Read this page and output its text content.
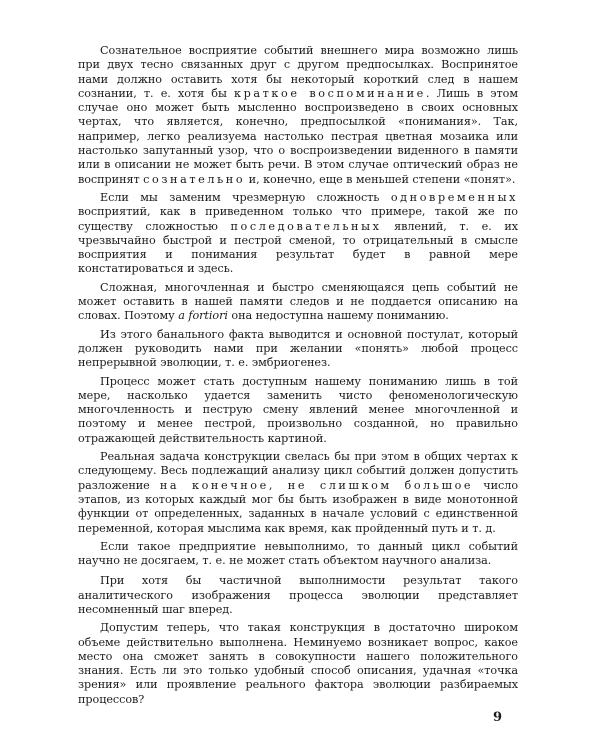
Сознательное восприятие событий внешнего мира возможно лишь при двух тесно связанных друг с другом предпосылках. Воспринятое нами должно оставить хотя бы некоторый короткий след в нашем сознании, т. е. хотя бы краткое воспоминание. Лишь в этом случае оно может быть мысленно воспроизведено в своих основных чертах, что является, конечно, предпосылкой «понимания». Так, например, легко реализуема настолько пестрая цветная мозаика или настолько запутанный узор, что о воспроизведении виденного в памяти или в описании не может быть речи. В этом случае оптический образ не воспринят сознательно и, конечно, еще в меньшей степени «понят».

Если мы заменим чрезмерную сложность одновременных восприятий, как в приведенном только что примере, такой же по существу сложностью последовательных явлений, т. е. их чрезвычайно быстрой и пестрой сменой, то отрицательный в смысле восприятия и понимания результат будет в равной мере констатироваться и здесь.

Сложная, многочленная и быстро сменяющаяся цепь событий не может оставить в нашей памяти следов и не поддается описанию на словах. Поэтому a fortiori она недоступна нашему пониманию.

Из этого банального факта выводится и основной постулат, который должен руководить нами при желании «понять» любой процесс непрерывной эволюции, т. е. эмбриогенез.

Процесс может стать доступным нашему пониманию лишь в той мере, насколько удается заменить чисто феноменологическую многочленность и пеструю смену явлений менее многочленной и поэтому и менее пестрой, произвольно созданной, но правильно отражающей действительность картиной.

Реальная задача конструкции свелась бы при этом в общих чертах к следующему. Весь подлежащий анализу цикл событий должен допустить разложение на конечное, не слишком большое число этапов, из которых каждый мог бы быть изображен в виде монотонной функции от определенных, заданных в начале условий с единственной переменной, которая мыслима как время, как пройденный путь и т. д.

Если такое предприятие невыполнимо, то данный цикл событий научно не досягаем, т. е. не может стать объектом научного анализа.

При хотя бы частичной выполнимости результат такого аналитического изображения процесса эволюции представляет несомненный шаг вперед.

Допустим теперь, что такая конструкция в достаточно широком объеме действительно выполнена. Неминуемо возникает вопрос, какое место она сможет занять в совокупности нашего положительного знания. Есть ли это только удобный способ описания, удачная «точка зрения» или проявление реального фактора эволюции разбираемых процессов?

9
